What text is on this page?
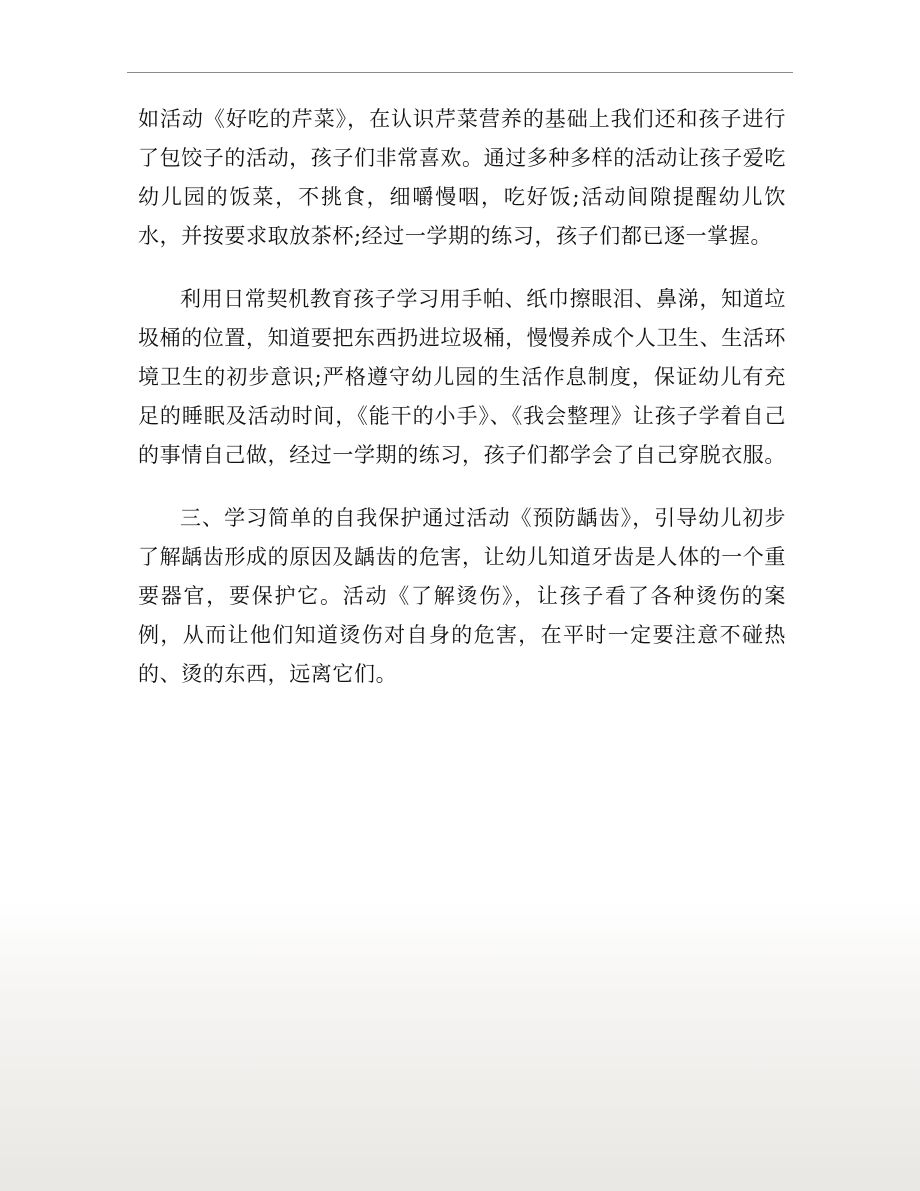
如活动《好吃的芹菜》，在认识芹菜营养的基础上我们还和孩子进行了包饺子的活动，孩子们非常喜欢。通过多种多样的活动让孩子爱吃幼儿园的饭菜，不挑食，细嚼慢咽，吃好饭;活动间隙提醒幼儿饮水，并按要求取放茶杯;经过一学期的练习，孩子们都已逐一掌握。

利用日常契机教育孩子学习用手帕、纸巾擦眼泪、鼻涕，知道垃圾桶的位置，知道要把东西扔进垃圾桶，慢慢养成个人卫生、生活环境卫生的初步意识;严格遵守幼儿园的生活作息制度，保证幼儿有充足的睡眠及活动时间，《能干的小手》、《我会整理》让孩子学着自己的事情自己做，经过一学期的练习，孩子们都学会了自己穿脱衣服。

三、学习简单的自我保护通过活动《预防龋齿》，引导幼儿初步了解龋齿形成的原因及龋齿的危害，让幼儿知道牙齿是人体的一个重要器官，要保护它。活动《了解烫伤》，让孩子看了各种烫伤的案例，从而让他们知道烫伤对自身的危害，在平时一定要注意不碰热的、烫的东西，远离它们。
